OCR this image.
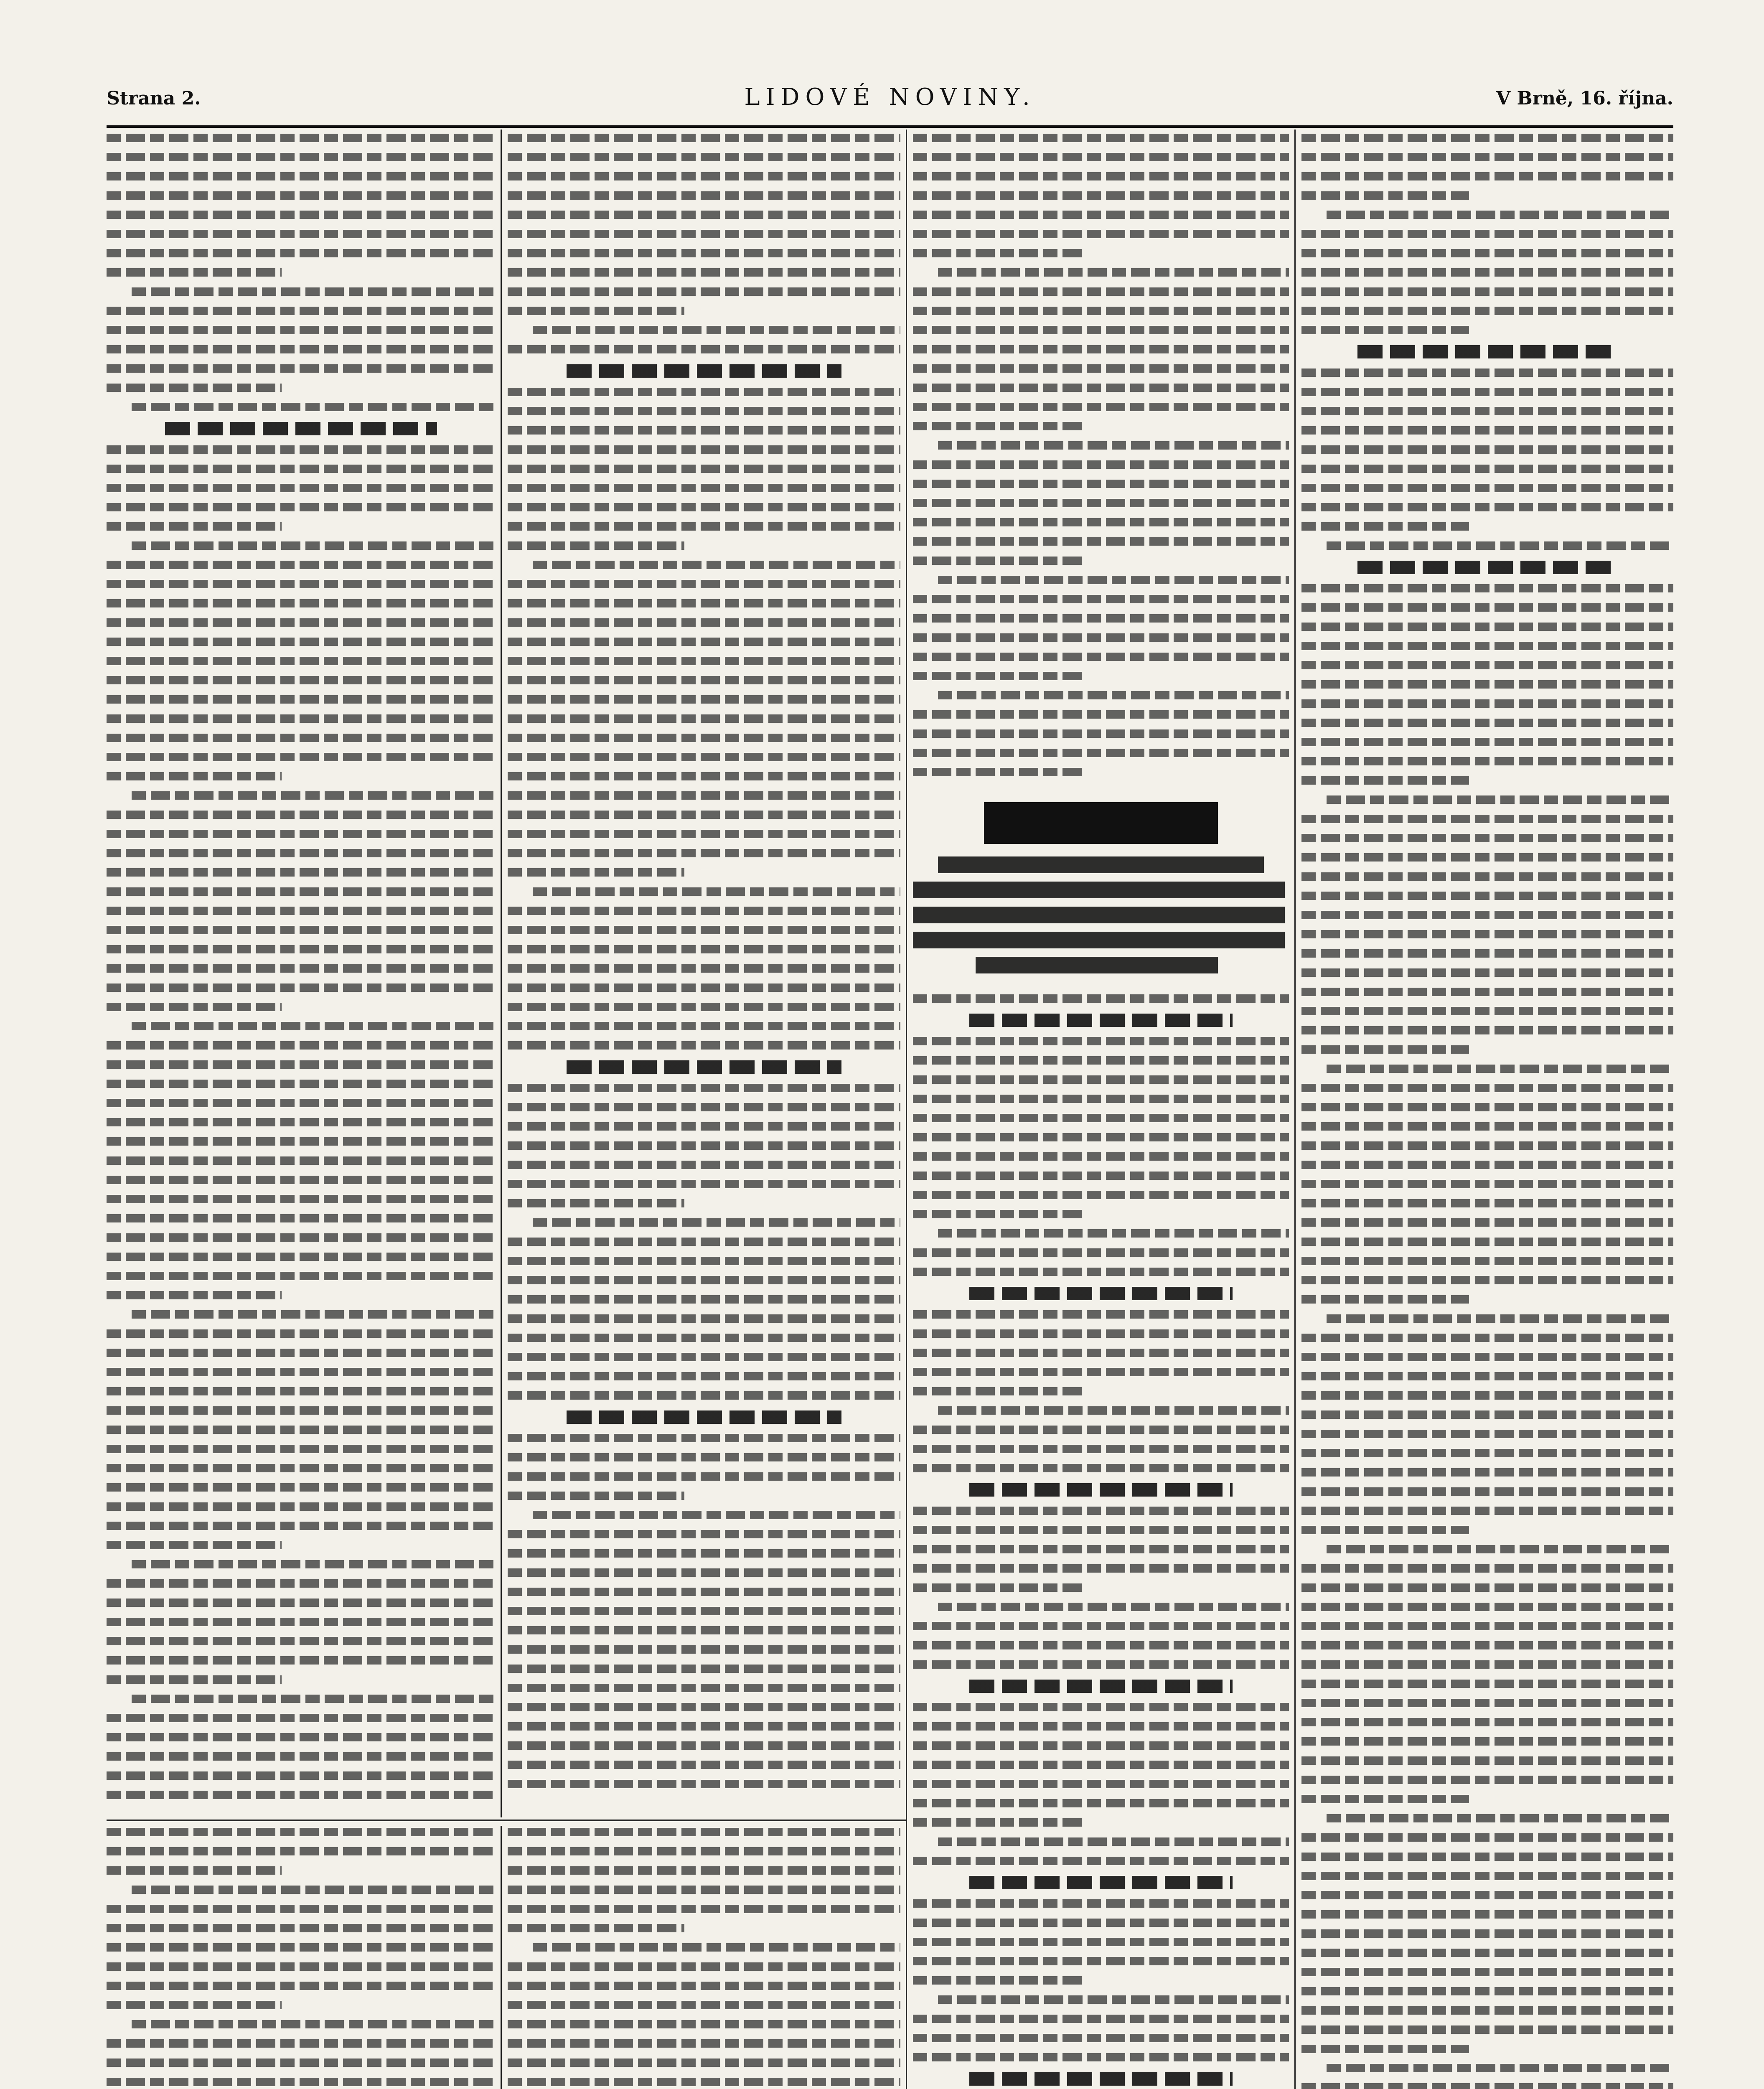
Strana 2.	LIDOVÉ NOVINY.	V Brně, 16. října.
